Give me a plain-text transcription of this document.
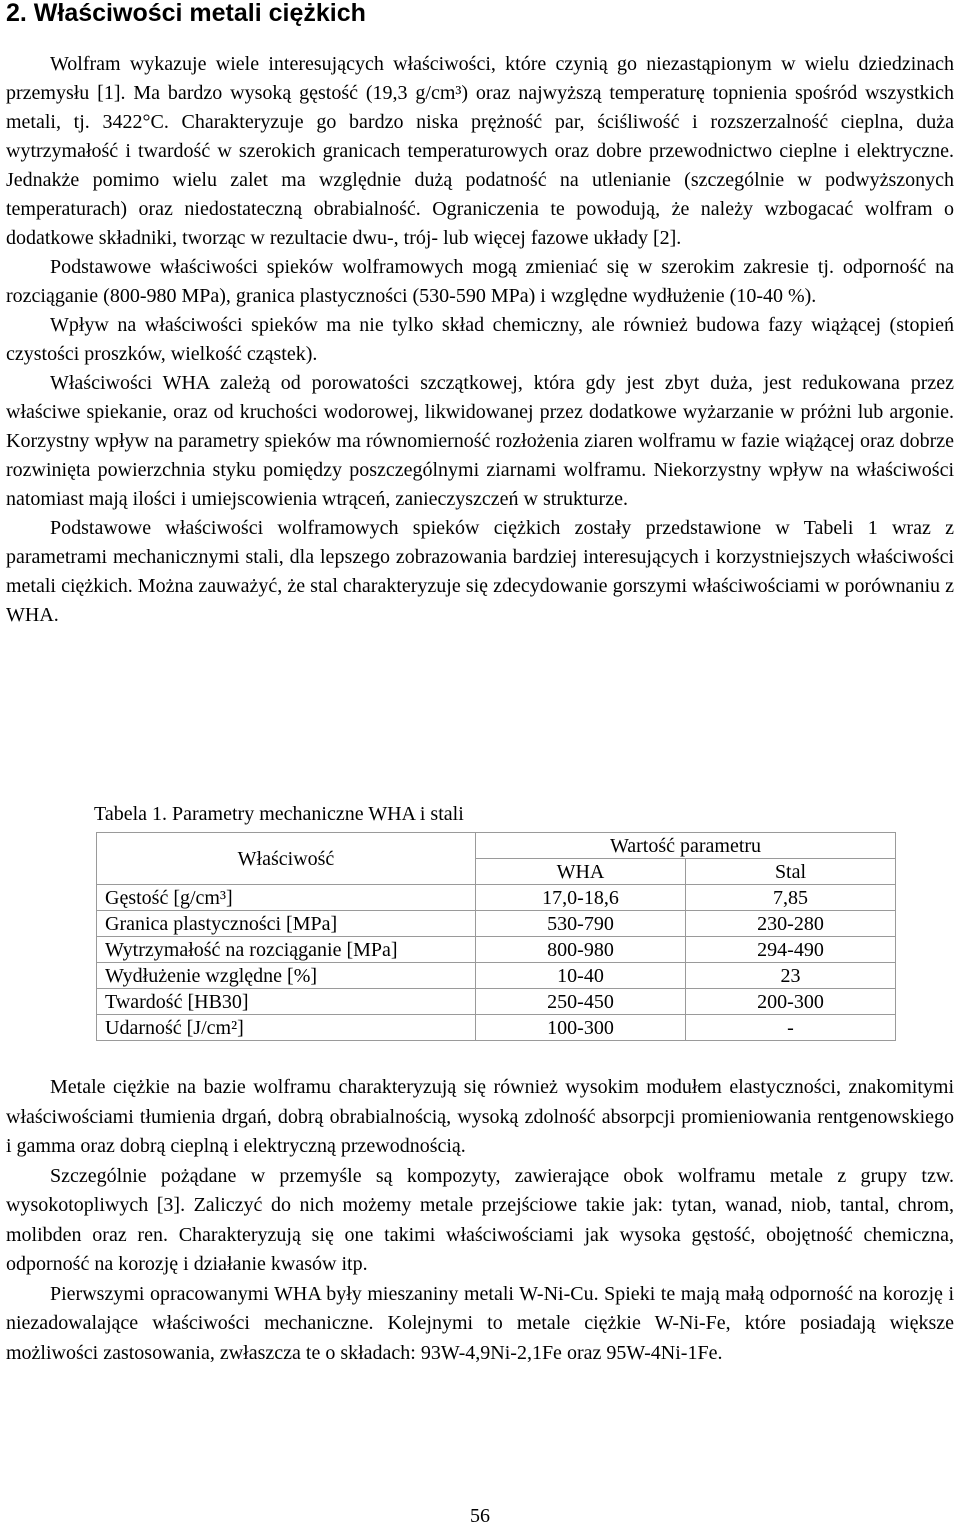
2. Właściwości metali ciężkich

Wolfram wykazuje wiele interesujących właściwości, które czynią go niezastąpionym w wielu dziedzinach przemysłu [1]. Ma bardzo wysoką gęstość (19,3 g/cm³) oraz najwyższą temperaturę topnienia spośród wszystkich metali, tj. 3422°C. Charakteryzuje go bardzo niska prężność par, ściśliwość i rozszerzalność cieplna, duża wytrzymałość i twardość w szerokich granicach temperaturowych oraz dobre przewodnictwo cieplne i elektryczne. Jednakże pomimo wielu zalet ma względnie dużą podatność na utlenianie (szczególnie w podwyższonych temperaturach) oraz niedostateczną obrabialność. Ograniczenia te powodują, że należy wzbogacać wolfram o dodatkowe składniki, tworząc w rezultacie dwu-, trój- lub więcej fazowe układy [2].

Podstawowe właściwości spieków wolframowych mogą zmieniać się w szerokim zakresie tj. odporność na rozciąganie (800-980 MPa), granica plastyczności (530-590 MPa) i względne wydłużenie (10-40 %).

Wpływ na właściwości spieków ma nie tylko skład chemiczny, ale również budowa fazy wiążącej (stopień czystości proszków, wielkość cząstek).

Właściwości WHA zależą od porowatości szczątkowej, która gdy jest zbyt duża, jest redukowana przez właściwe spiekanie, oraz od kruchości wodorowej, likwidowanej przez dodatkowe wyżarzanie w próżni lub argonie. Korzystny wpływ na parametry spieków ma równomierność rozłożenia ziaren wolframu w fazie wiążącej oraz dobrze rozwinięta powierzchnia styku pomiędzy poszczególnymi ziarnami wolframu. Niekorzystny wpływ na właściwości natomiast mają ilości i umiejscowienia wtrąceń, zanieczyszczeń w strukturze.

Podstawowe właściwości wolframowych spieków ciężkich zostały przedstawione w Tabeli 1 wraz z parametrami mechanicznymi stali, dla lepszego zobrazowania bardziej interesujących i korzystniejszych właściwości metali ciężkich. Można zauważyć, że stal charakteryzuje się zdecydowanie gorszymi właściwościami w porównaniu z WHA.

Tabela 1. Parametry mechaniczne WHA i stali
Właściwość	Wartość parametru	
	WHA	Stal
Gęstość [g/cm³]	17,0-18,6	7,85
Granica plastyczności [MPa]	530-790	230-280
Wytrzymałość na rozciąganie [MPa]	800-980	294-490
Wydłużenie względne [%]	10-40	23
Twardość [HB30]	250-450	200-300
Udarność [J/cm²]	100-300	-

Metale ciężkie na bazie wolframu charakteryzują się również wysokim modułem elastyczności, znakomitymi właściwościami tłumienia drgań, dobrą obrabialnością, wysoką zdolność absorpcji promieniowania rentgenowskiego i gamma oraz dobrą cieplną i elektryczną przewodnością.

Szczególnie pożądane w przemyśle są kompozyty, zawierające obok wolframu metale z grupy tzw. wysokotopliwych [3]. Zaliczyć do nich możemy metale przejściowe takie jak: tytan, wanad, niob, tantal, chrom, molibden oraz ren. Charakteryzują się one takimi właściwościami jak wysoka gęstość, obojętność chemiczna, odporność na korozję i działanie kwasów itp.

Pierwszymi opracowanymi WHA były mieszaniny metali W-Ni-Cu. Spieki te mają małą odporność na korozję i niezadowalające właściwości mechaniczne. Kolejnymi to metale ciężkie W-Ni-Fe, które posiadają większe możliwości zastosowania, zwłaszcza te o składach: 93W-4,9Ni-2,1Fe oraz 95W-4Ni-1Fe.

56
